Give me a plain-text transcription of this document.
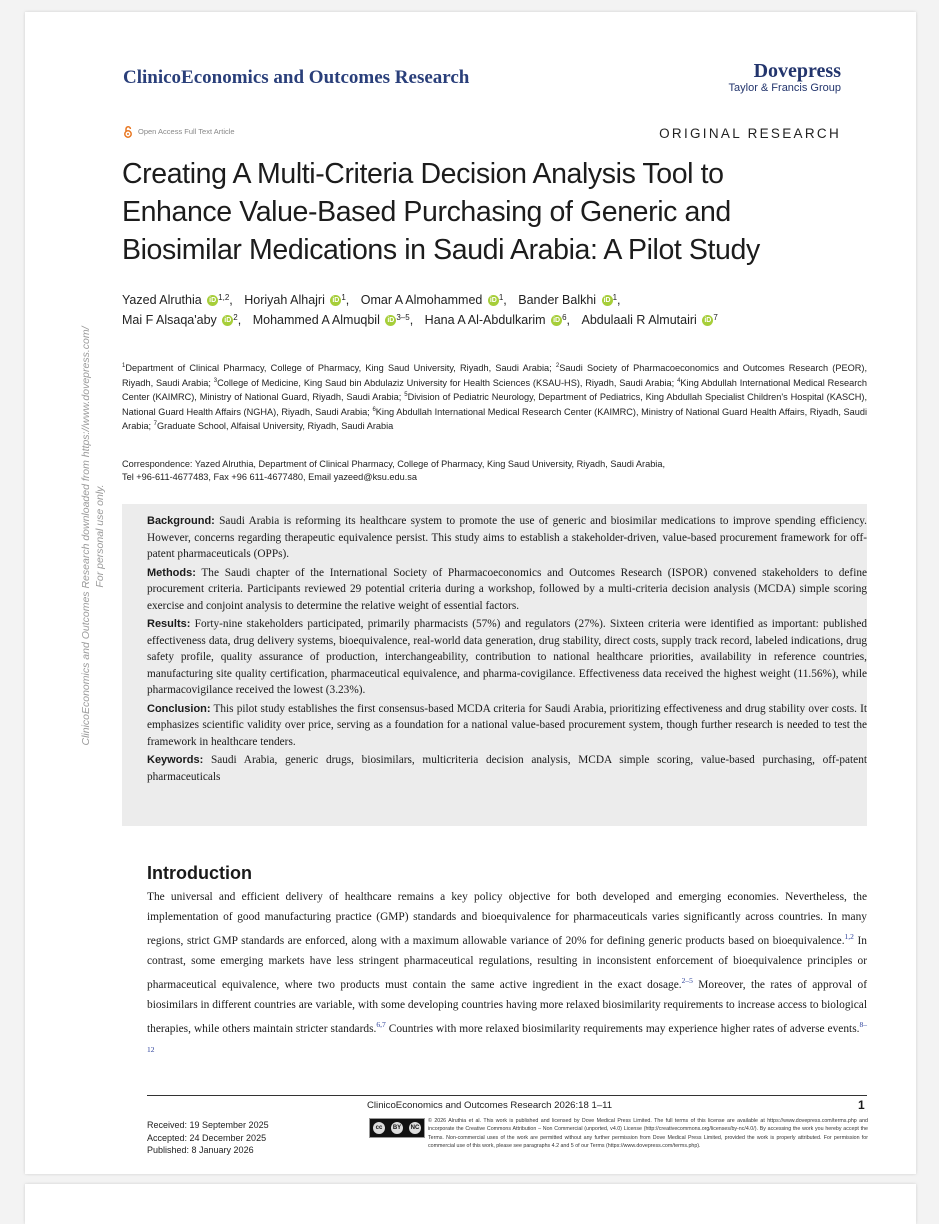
ClinicoEconomics and Outcomes Research	Dovepress
Taylor & Francis Group
Open Access Full Text Article	ORIGINAL RESEARCH
Creating A Multi-Criteria Decision Analysis Tool to
Enhance Value-Based Purchasing of Generic and
Biosimilar Medications in Saudi Arabia: A Pilot Study
Yazed Alruthia iD $^{1,2}$, Horiyah Alhajri iD $^1$, Omar A Almohammed iD $^1$, Bander Balkhi iD $^1$,
Mai F Alsaqa'aby iD $^2$, Mohammed A Almuqbil iD $^{3-5}$, Hana A Al-Abdulkarim iD $^6$, Abdulaali R Almutairi iD $^7$
$^1$Department of Clinical Pharmacy, College of Pharmacy, King Saud University, Riyadh, Saudi Arabia; $^2$Saudi Society of Pharmacoeconomics and Outcomes Research (PEOR), Riyadh, Saudi Arabia; $^3$College of Medicine, King Saud bin Abdulaziz University for Health Sciences (KSAU-HS), Riyadh, Saudi Arabia; $^4$King Abdullah International Medical Research Center (KAIMRC), Ministry of National Guard, Riyadh, Saudi Arabia; $^5$Division of Pediatric Neurology, Department of Pediatrics, King Abdullah Specialist Children's Hospital (KASCH), National Guard Health Affairs (NGHA), Riyadh, Saudi Arabia; $^6$King Abdullah International Medical Research Center (KAIMRC), Ministry of National Guard Health Affairs, Riyadh, Saudi Arabia; $^7$Graduate School, Alfaisal University, Riyadh, Saudi Arabia
Correspondence: Yazed Alruthia, Department of Clinical Pharmacy, College of Pharmacy, King Saud University, Riyadh, Saudi Arabia,
Tel +96-611-4677483, Fax +96 611-4677480, Email yazeed@ksu.edu.sa

Background: Saudi Arabia is reforming its healthcare system to promote the use of generic and biosimilar medications to improve spending efficiency. However, concerns regarding therapeutic equivalence persist. This study aims to establish a stakeholder-driven, value-based procurement framework for off-patent pharmaceuticals (OPPs).

Methods: The Saudi chapter of the International Society of Pharmacoeconomics and Outcomes Research (ISPOR) convened stakeholders to define procurement criteria. Participants reviewed 29 potential criteria during a workshop, followed by a multi-criteria decision analysis (MCDA) simple scoring exercise and conjoint analysis to determine the relative weight of essential factors.

Results: Forty-nine stakeholders participated, primarily pharmacists (57%) and regulators (27%). Sixteen criteria were identified as important: published effectiveness data, drug delivery systems, bioequivalence, real-world data generation, drug stability, direct costs, supply track record, labeled indications, drug safety profile, quality assurance of production, interchangeability, contribution to national healthcare priorities, availability in reference countries, manufacturing site quality certification, pharmaceutical equivalence, and pharma-covigilance. Effectiveness data received the highest weight (11.56%), while pharmacovigilance received the lowest (3.23%).

Conclusion: This pilot study establishes the first consensus-based MCDA criteria for Saudi Arabia, prioritizing effectiveness and drug stability over costs. It emphasizes scientific validity over price, serving as a foundation for a national value-based procurement system, though further research is needed to test the framework in healthcare tenders.

Keywords: Saudi Arabia, generic drugs, biosimilars, multicriteria decision analysis, MCDA simple scoring, value-based purchasing, off-patent pharmaceuticals

Introduction
The universal and efficient delivery of healthcare remains a key policy objective for both developed and emerging economies. Nevertheless, the implementation of good manufacturing practice (GMP) standards and bioequivalence for pharmaceuticals varies significantly across countries. In many regions, strict GMP standards are enforced, along with a maximum allowable variance of 20% for defining generic products based on bioequivalence.$^{1,2}$ In contrast, some emerging markets have less stringent pharmaceutical regulations, resulting in inconsistent enforcement of bioequivalence principles or pharmaceutical equivalence, where two products must contain the same active ingredient in the exact dosage.$^{2-5}$ Moreover, the rates of approval of biosimilars in different countries are variable, with some developing countries having more relaxed biosimilarity requirements to increase access to biological therapies, while others maintain stricter standards.$^{6,7}$ Countries with more relaxed biosimilarity requirements may experience higher rates of adverse events.$^{8-12}$
ClinicoEconomics and Outcomes Research 2026:18 1–11	1
Received: 19 September 2025
Accepted: 24 December 2025
Published: 8 January 2026
cc	BY	NC
© 2026 Alruthia et al. This work is published and licensed by Dove Medical Press Limited. The full terms of this license are available at https://www.dovepress.com/terms.php and incorporate the Creative Commons Attribution – Non Commercial (unported, v4.0) License (http://creativecommons.org/licenses/by-nc/4.0/). By accessing the work you hereby accept the Terms. Non-commercial uses of the work are permitted without any further permission from Dove Medical Press Limited, provided the work is properly attributed. For permission for commercial use of this work, please see paragraphs 4.2 and 5 of our Terms (https://www.dovepress.com/terms.php).
ClinicoEconomics and Outcomes Research downloaded from https://www.dovepress.com/ For personal use only.
